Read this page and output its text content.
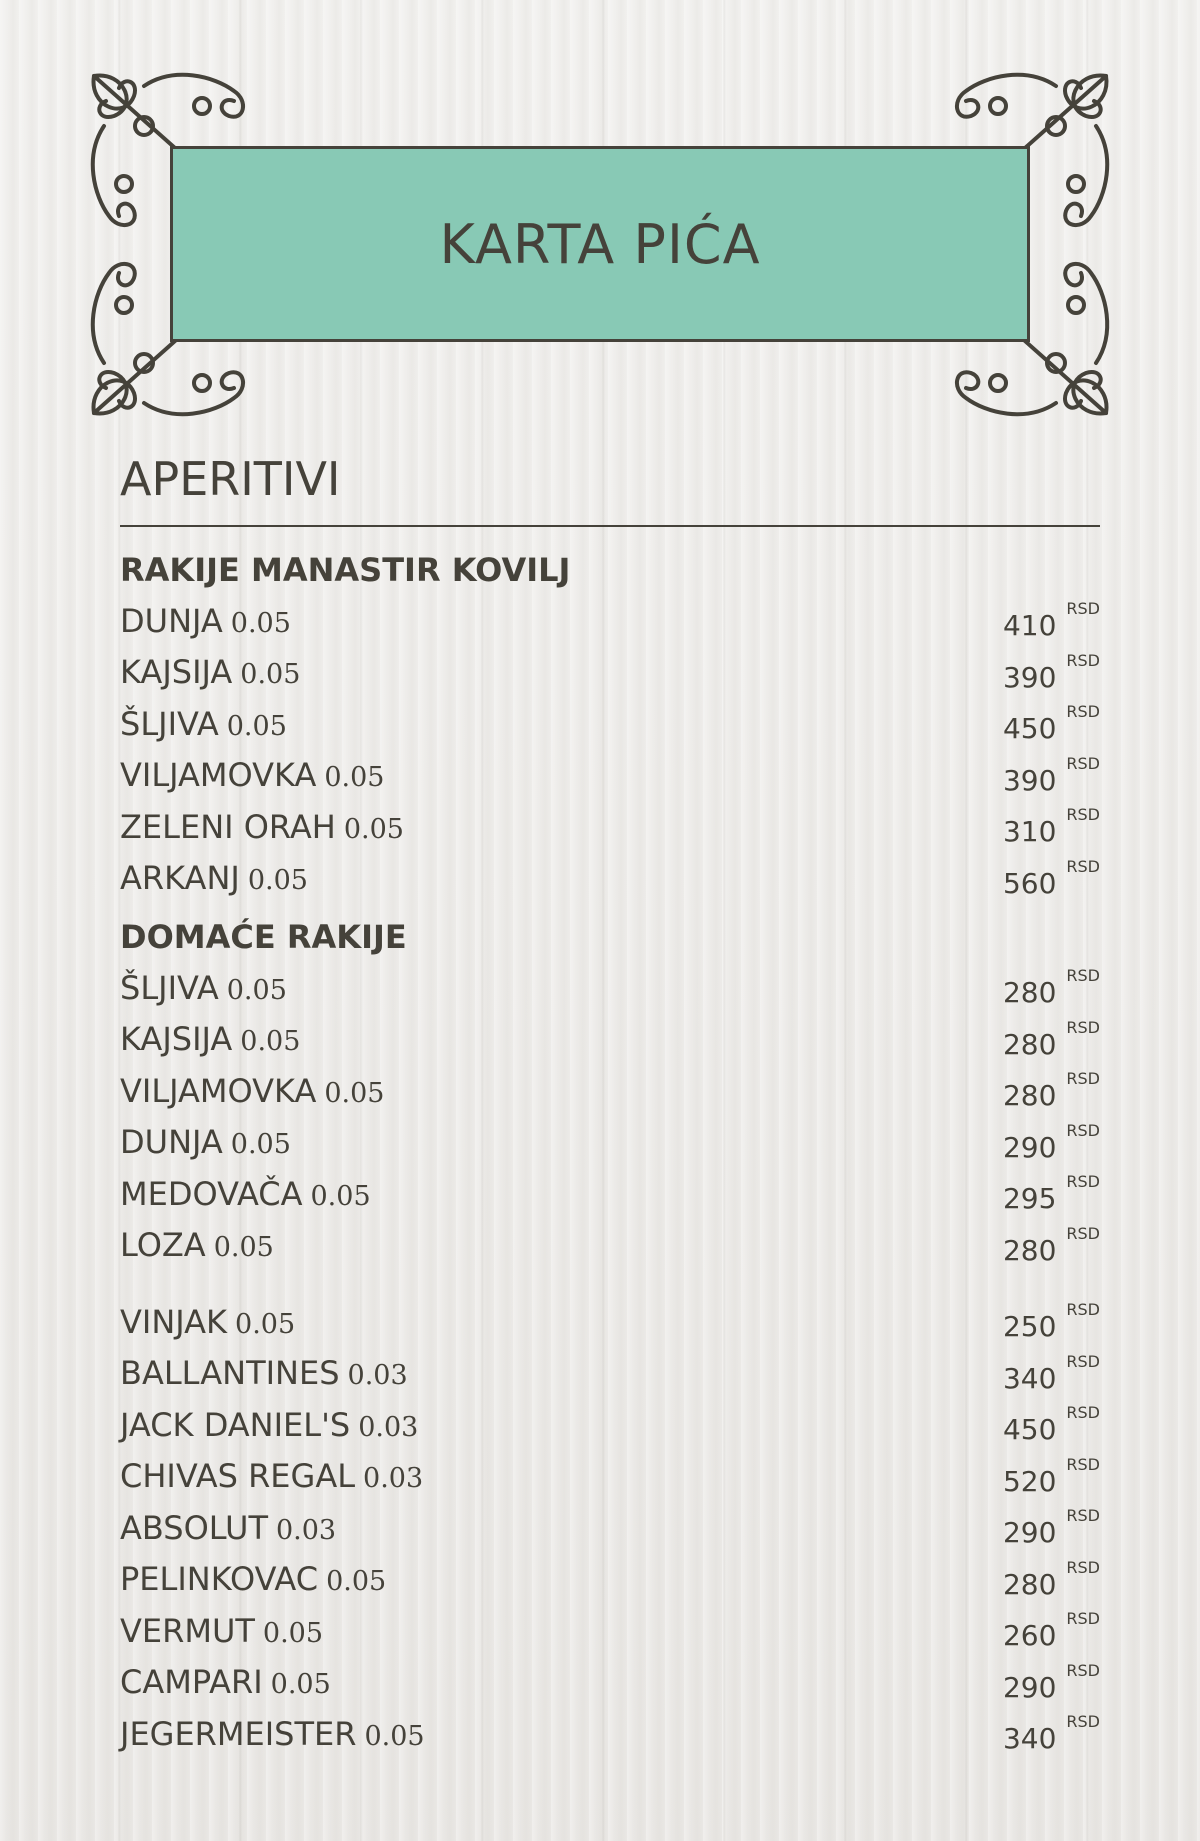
KARTA PIĆA
APERITIVI
RAKIJE MANASTIR KOVILJ
DUNJA 0.05	410
RSD
KAJSIJA 0.05	390
RSD
ŠLJIVA 0.05	450
RSD
VILJAMOVKA 0.05	390
RSD
ZELENI ORAH 0.05	310
RSD
ARKANJ 0.05	560
RSD
DOMAĆE RAKIJE
ŠLJIVA 0.05	280
RSD
KAJSIJA 0.05	280
RSD
VILJAMOVKA 0.05	280
RSD
DUNJA 0.05	290
RSD
MEDOVAČA 0.05	295
RSD
LOZA 0.05	280
RSD
VINJAK 0.05	250
RSD
BALLANTINES 0.03	340
RSD
JACK DANIEL'S 0.03	450
RSD
CHIVAS REGAL 0.03	520
RSD
ABSOLUT 0.03	290
RSD
PELINKOVAC 0.05	280
RSD
VERMUT 0.05	260
RSD
CAMPARI 0.05	290
RSD
JEGERMEISTER 0.05	340
RSD
